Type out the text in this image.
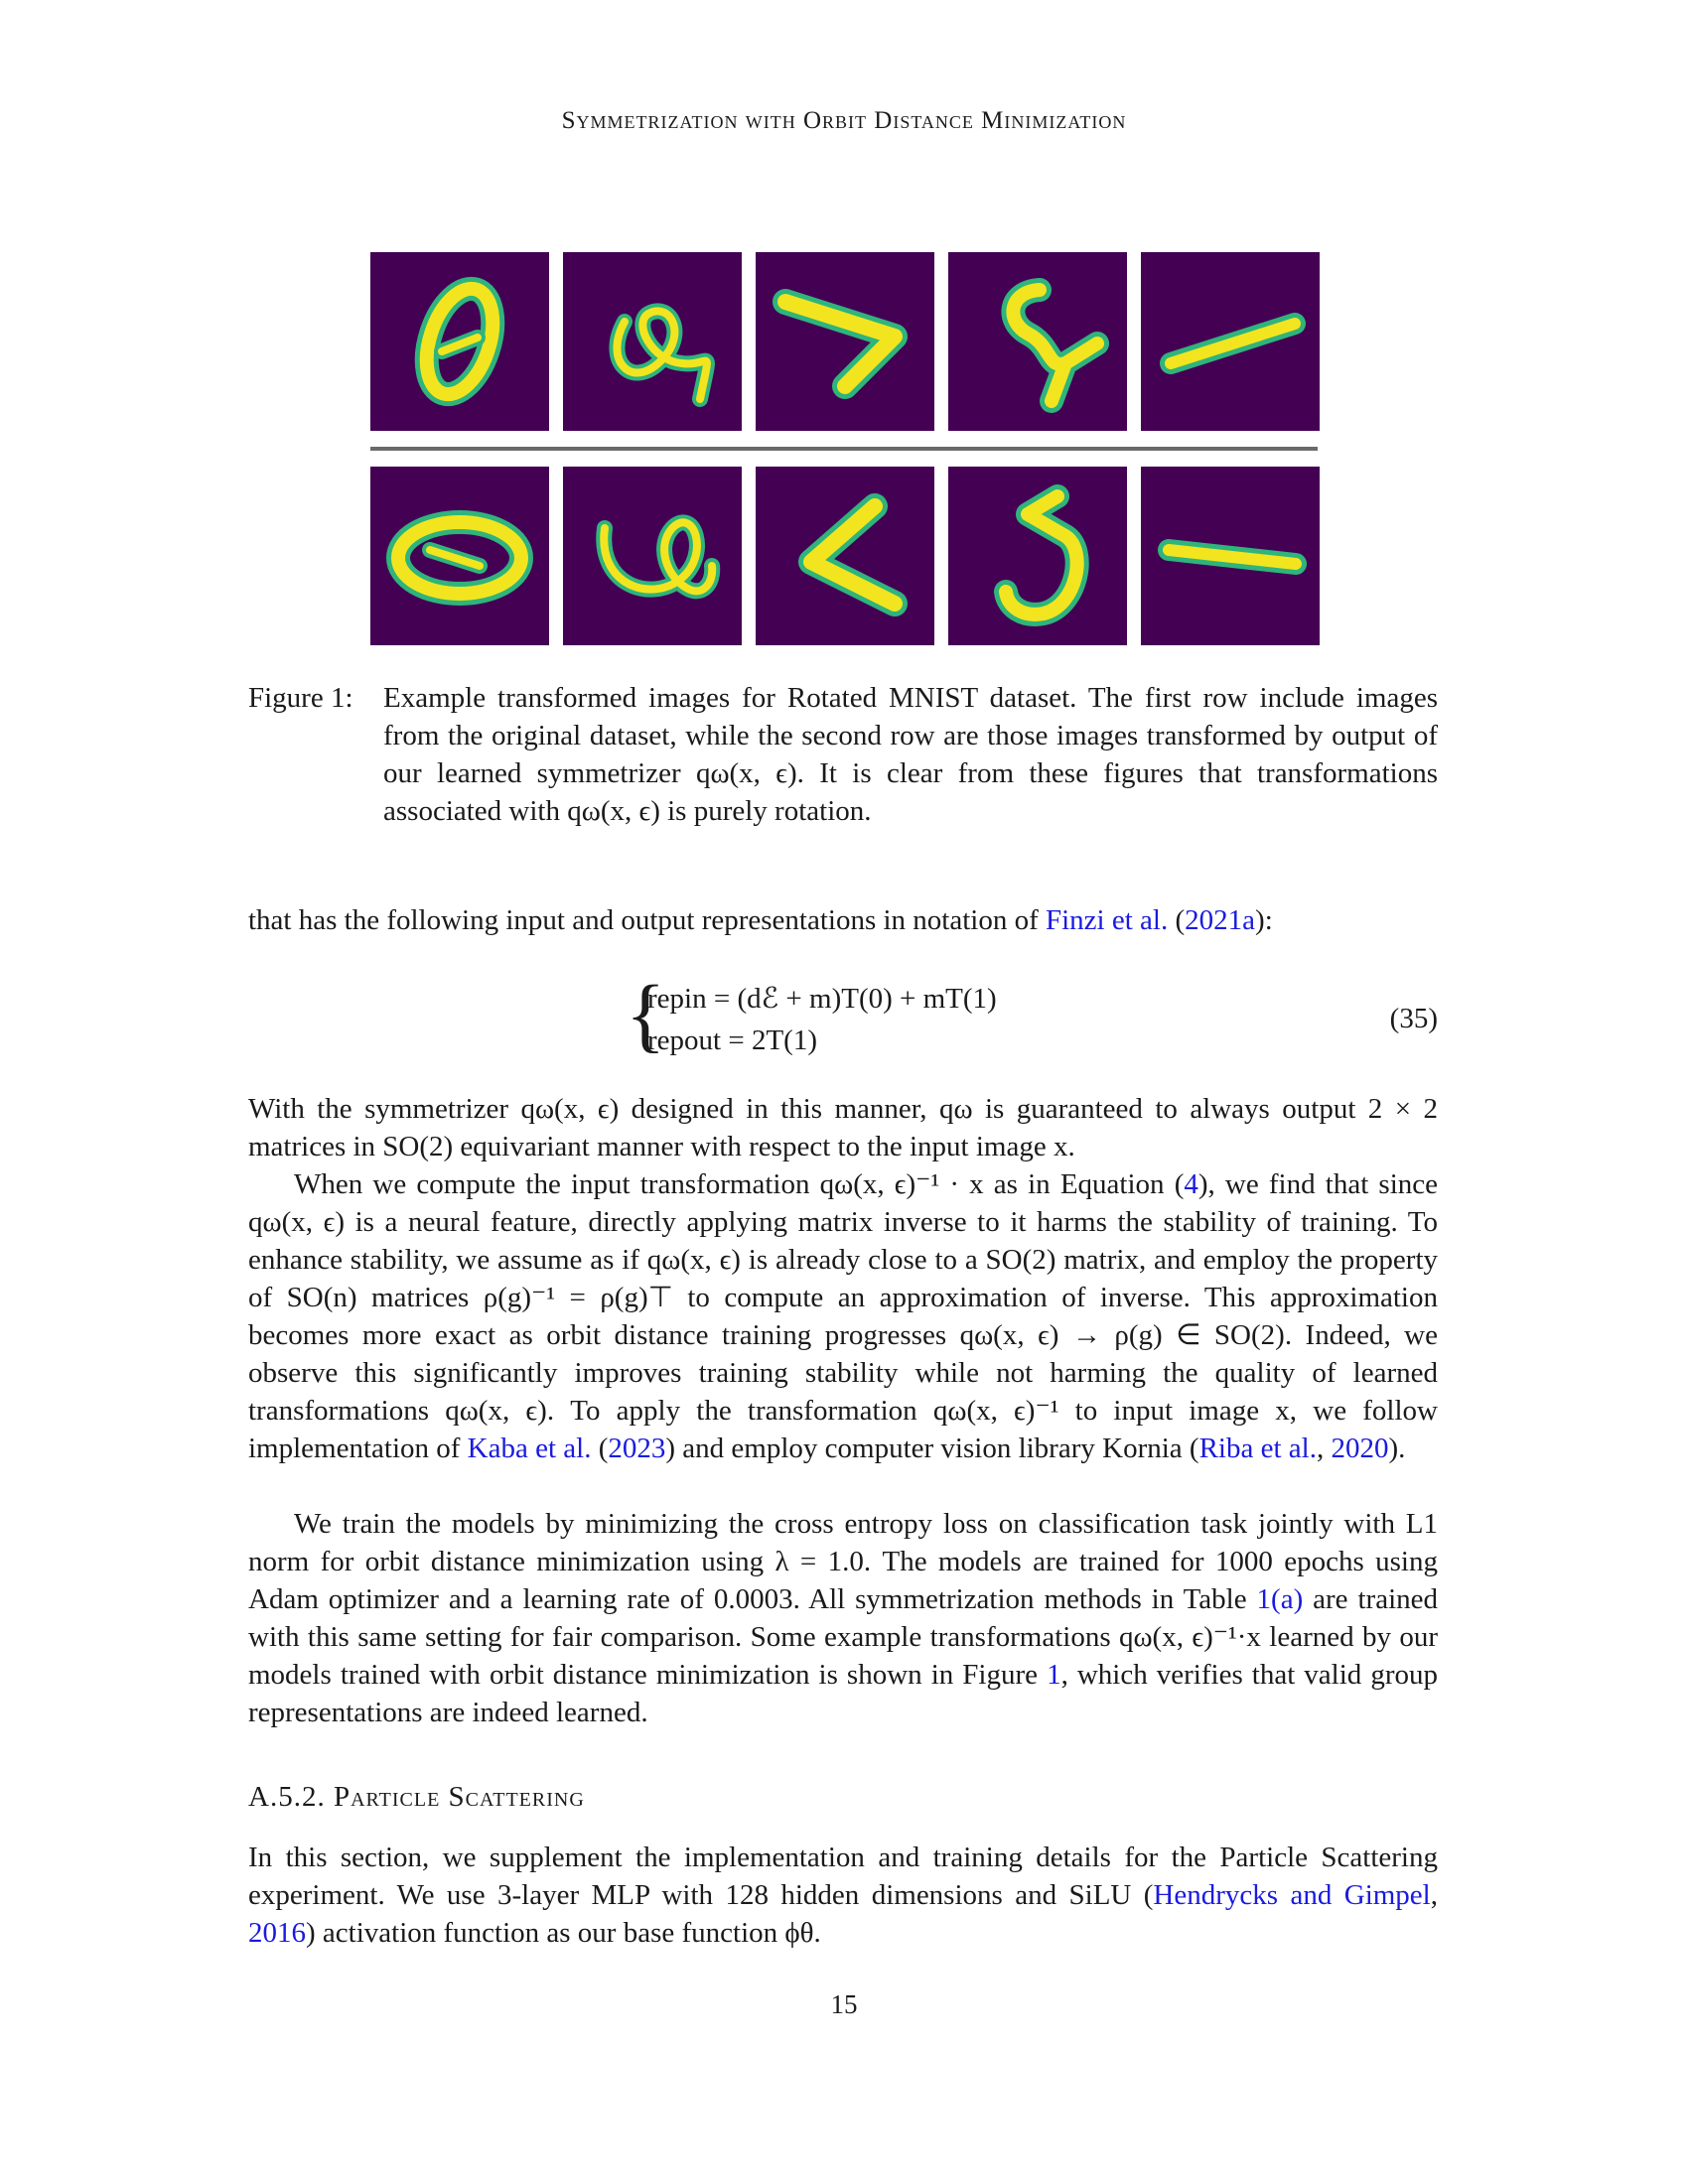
Symmetrization with Orbit Distance Minimization
Figure 1: Example transformed images for Rotated MNIST dataset. The first row include images from the original dataset, while the second row are those images transformed by output of our learned symmetrizer qω(x, ϵ). It is clear from these figures that transformations associated with qω(x, ϵ) is purely rotation.
that has the following input and output representations in notation of Finzi et al. (2021a):
{
repin = (dℰ + m)T(0) + mT(1)
repout = 2T(1)
(35)
With the symmetrizer qω(x, ϵ) designed in this manner, qω is guaranteed to always output 2 × 2 matrices in SO(2) equivariant manner with respect to the input image x.
When we compute the input transformation qω(x, ϵ)⁻¹ · x as in Equation (4), we find that since qω(x, ϵ) is a neural feature, directly applying matrix inverse to it harms the stability of training. To enhance stability, we assume as if qω(x, ϵ) is already close to a SO(2) matrix, and employ the property of SO(n) matrices ρ(g)⁻¹ = ρ(g)⊤ to compute an approximation of inverse. This approximation becomes more exact as orbit distance training progresses qω(x, ϵ) → ρ(g) ∈ SO(2). Indeed, we observe this significantly improves training stability while not harming the quality of learned transformations qω(x, ϵ). To apply the transformation qω(x, ϵ)⁻¹ to input image x, we follow implementation of Kaba et al. (2023) and employ computer vision library Kornia (Riba et al., 2020).
We train the models by minimizing the cross entropy loss on classification task jointly with L1 norm for orbit distance minimization using λ = 1.0. The models are trained for 1000 epochs using Adam optimizer and a learning rate of 0.0003. All symmetrization methods in Table 1(a) are trained with this same setting for fair comparison. Some example transformations qω(x, ϵ)⁻¹·x learned by our models trained with orbit distance minimization is shown in Figure 1, which verifies that valid group representations are indeed learned.
A.5.2. Particle Scattering
In this section, we supplement the implementation and training details for the Particle Scattering experiment. We use 3-layer MLP with 128 hidden dimensions and SiLU (Hendrycks and Gimpel, 2016) activation function as our base function ϕθ.
15
